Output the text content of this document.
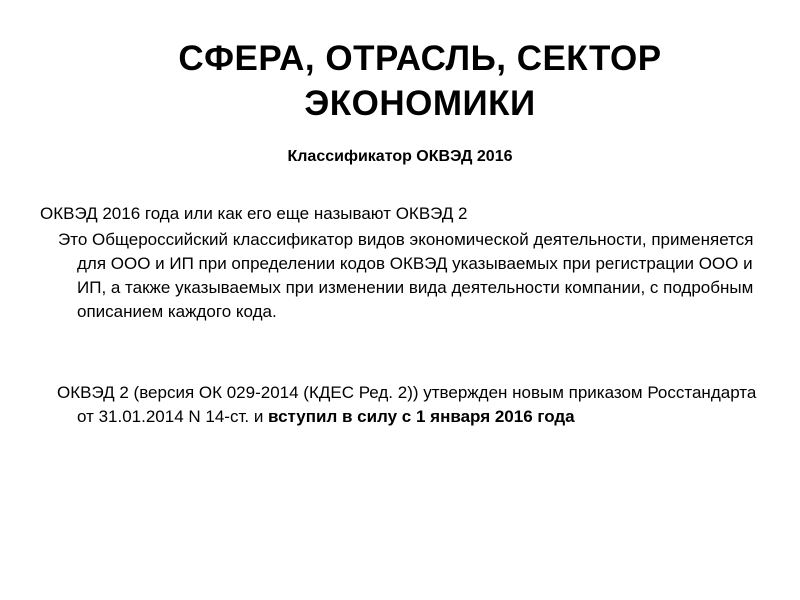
СФЕРА, ОТРАСЛЬ, СЕКТОР
ЭКОНОМИКИ
Классификатор ОКВЭД 2016
ОКВЭД 2016 года или как его еще называют ОКВЭД 2
Это Общероссийский классификатор видов экономической деятельности, применяется для ООО и ИП при определении кодов ОКВЭД указываемых при регистрации ООО и ИП, а также указываемых при изменении вида деятельности компании, с подробным описанием каждого кода.
ОКВЭД 2 (версия ОК 029-2014 (КДЕС Ред. 2)) утвержден новым приказом Росстандарта от 31.01.2014 N 14-ст. и вступил в силу с 1 января 2016 года
